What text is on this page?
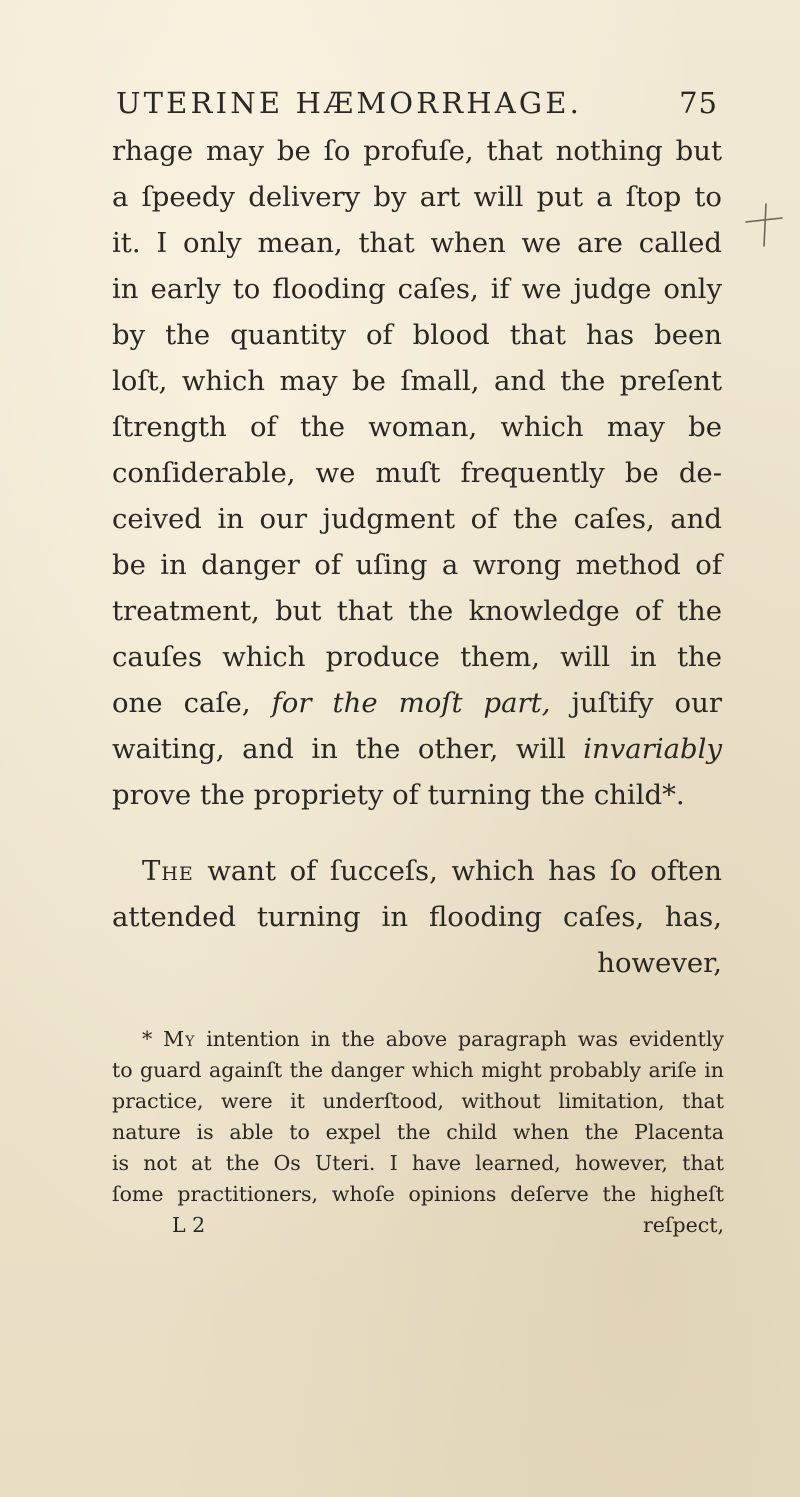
UTERINE HÆMORRHAGE.	75
rhage may be ſo profuſe, that nothing but
a ſpeedy delivery by art will put a ſtop to
it. I only mean, that when we are called
in early to flooding caſes, if we judge only
by the quantity of blood that has been
loſt, which may be ſmall, and the preſent
ſtrength of the woman, which may be
conſiderable, we muſt frequently be de-
ceived in our judgment of the caſes, and
be in danger of uſing a wrong method of
treatment, but that the knowledge of the
cauſes which produce them, will in the
one caſe, for the moſt part, juſtify our
waiting, and in the other, will invariably
prove the propriety of turning the child*.
The want of ſucceſs, which has ſo often
attended turning in flooding caſes, has,
however,
* My intention in the above paragraph was evidently
to guard againſt the danger which might probably ariſe in
practice, were it underſtood, without limitation, that
nature is able to expel the child when the Placenta
is not at the Os Uteri. I have learned, however, that
ſome practitioners, whoſe opinions deſerve the higheſt
L 2	reſpect,
